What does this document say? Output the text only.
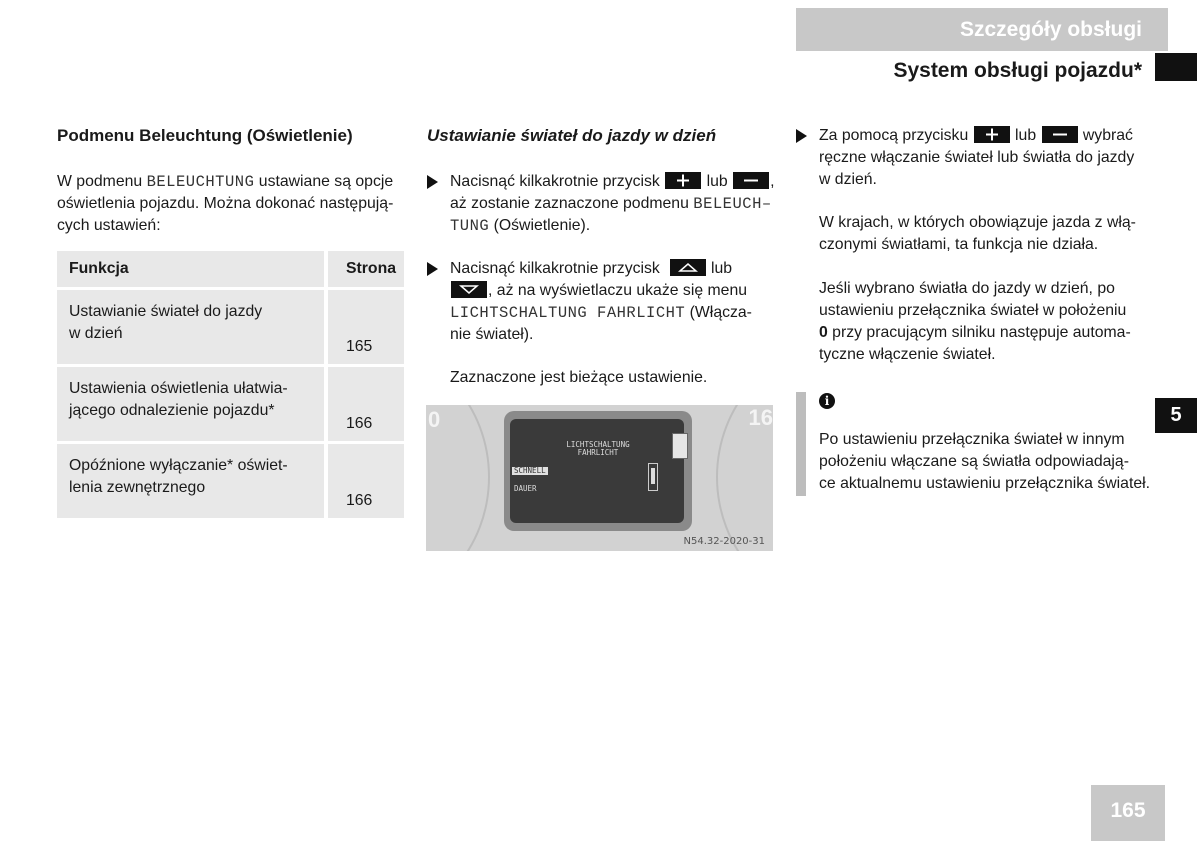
Szczegóły obsługi
System obsługi pojazdu*

Podmenu Beleuchtung (Oświetlenie)

W podmenu BELEUCHTUNG ustawiane są opcje
oświetlenia pojazdu. Można dokonać następują-
cych ustawień:
Funkcja	Strona
Ustawianie świateł do jazdy
w dzień	165
Ustawienia oświetlenia ułatwia-
jącego odnalezienie pojazdu*	166
Opóźnione wyłączanie* oświet-
lenia zewnętrznego	166

Ustawianie świateł do jazdy w dzień

Nacisnąć kilkakrotnie przycisk
lub
,
aż zostanie zaznaczone podmenu BELEUCH–
TUNG (Oświetlenie).
Nacisnąć kilkakrotnie przycisk	lub

, aż na wyświetlaczu ukaże się menu
LICHTSCHALTUNG FAHRLICHT (Włącza-
nie świateł).

Zaznaczone jest bieżące ustawienie.

0	16
LICHTSCHALTUNG
FAHRLICHT
SCHNELL
DAUER
N54.32-2020-31
Za pomocą przycisku
lub
wybrać
ręczne włączanie świateł lub światła do jazdy
w dzień.
W krajach, w których obowiązuje jazda z włą-
czonymi światłami, ta funkcja nie działa.
Jeśli wybrano światła do jazdy w dzień, po
ustawieniu przełącznika świateł w położeniu
0 przy pracującym silniku następuje automa-
tyczne włączenie świateł.
i
Po ustawieniu przełącznika świateł w innym
położeniu włączane są światła odpowiadają-
ce aktualnemu ustawieniu przełącznika świateł.
5
165
